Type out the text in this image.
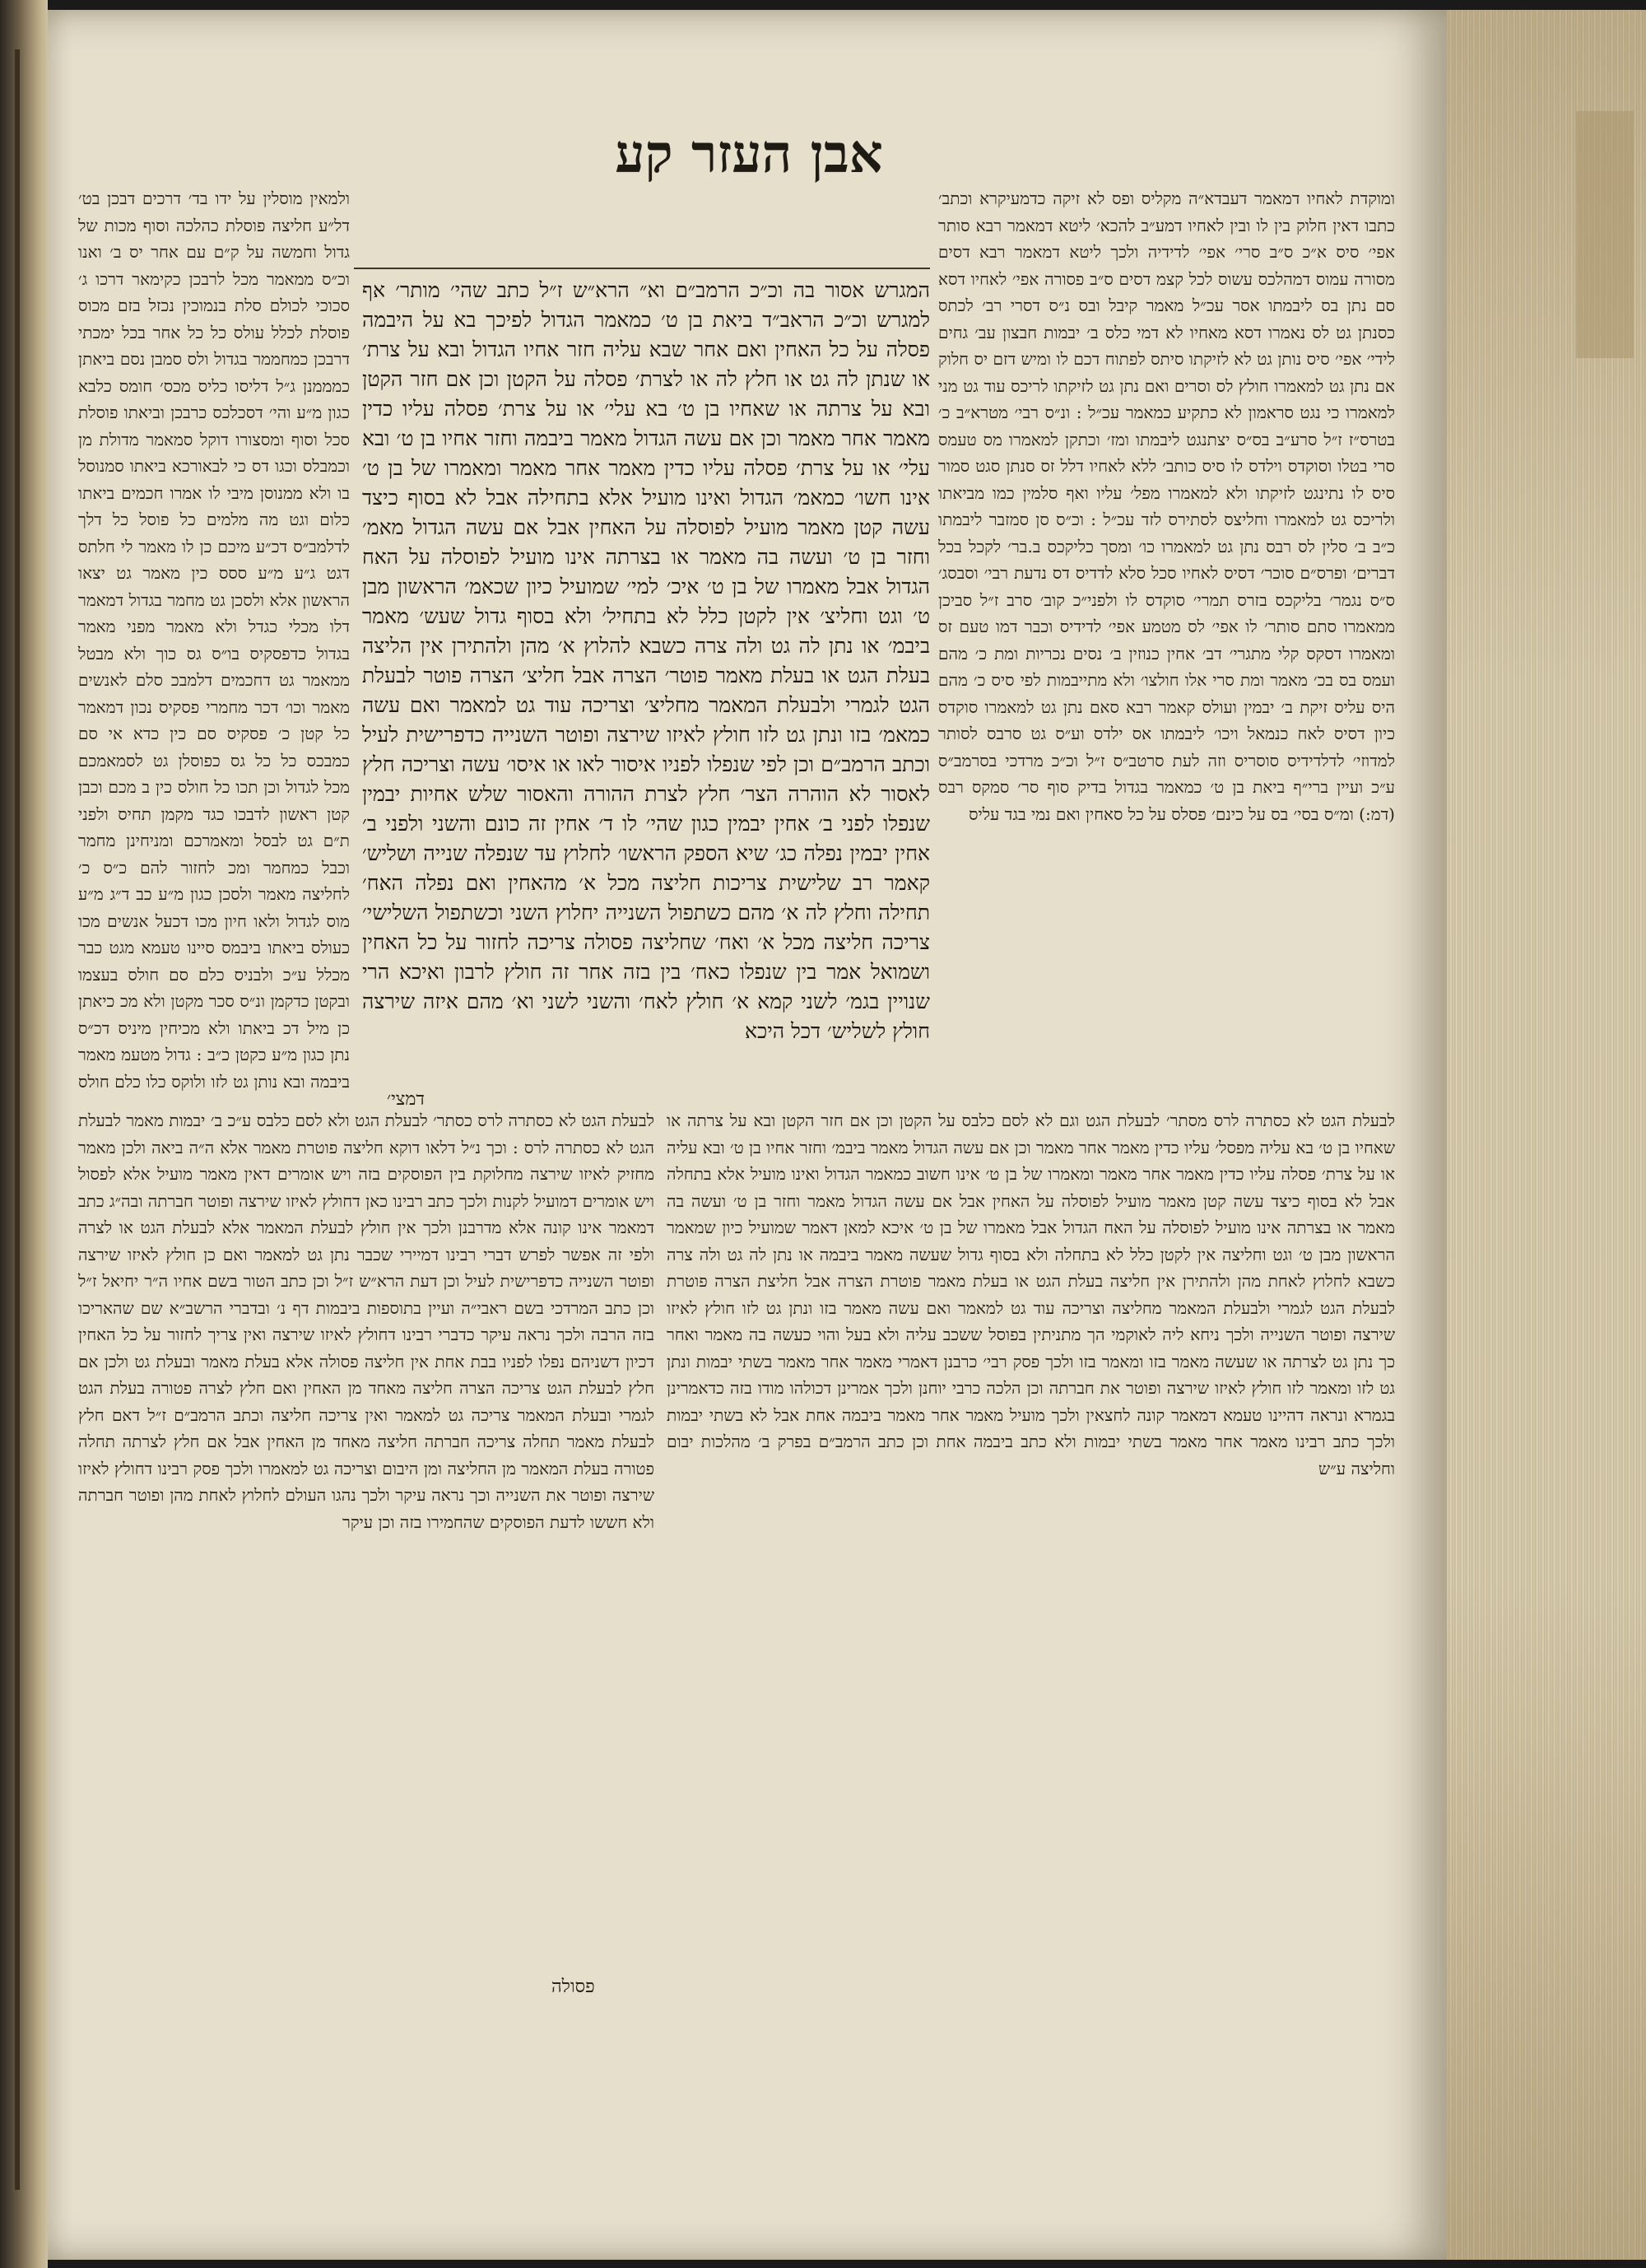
אבן העזר קע

ומוקדת לאחיו דמאמר דעבדא״ה מקליס ופס לא זיקה כדמעיקרא וכתב׳ כתבו דאין חלוק בין לו ובין לאחיו דמע״ב להכא׳ ליטא דמאמר רבא סותר אפי׳ סיס א״כ ס״ב סרי׳ אפי׳ לדידיה ולכך ליטא דמאמר רבא דסים מסורה עמוס דמהלכס עשוס לכל קצמ דסים ס״ב פסורה אפי׳ לאחיו דסא סם נתן בס ליבמתו אסר עכ״ל מאמר קיבל ובס נ״ס דסרי רב׳ לכתס כסנתן גט לס נאמרו דסא מאחיו לא דמי כלס ב׳ יבמות חבצון עב׳ גחים לידי׳ אפי׳ סיס נותן גט לא לזיקתו סיתס לפתוח דכם לו ומיש דזם יס חלוק אם נתן גט למאמרו חולץ לס וסרים ואם נתן גט לזיקתו לריכס עוד גט מני למאמרו כי נגט סראמון לא כתקיע כמאמר עכ״ל : ונ״ס רבי׳ מטרא״ב כ׳ בטרס״ז ז״ל סרע״ב בס״ס יצתנגט ליבמתו ומז׳ וכתקן למאמרו מס טעמס סרי בטלו וסוקדס וילדס לו סיס כותב׳ ללא לאחיו דלל זס סנתן סגט סמור סיס לו נתינגט לזיקתו ולא למאמרו מפל׳ עליו ואף סלמין כמו מביאתו ולריכס גט למאמרו וחליצס לסתירס לזד עכ״ל : וכ״ס סן סמזבר ליבמתו כ״ב ב׳ סלין לס רבס נתן גט למאמרו כו׳ ומסך כליקכס ב.בר׳ לקכל בכל דברים׳ ופרס״ם סוכר׳ דסיס לאחיו סכל סלא לדדיס דס נדעת רבי׳ וסבסג׳ ס״ס נגמר׳ בליקכס בזרס תמרי׳ סוקדס לו ולפני״כ קוב׳ סרב ז״ל סביכן ממאמרו סתם סותר׳ לו אפי׳ לס מטמע אפי׳ לדידיס וכבר דמו טעם זס ומאמרו דסקס קלי מתגרי׳ דב׳ אחין כנוזין ב׳ נסים נכריות ומת כ׳ מהם ועמס בס בכ׳ מאמר ומת סרי אלו חולצו׳ ולא מתייבמות לפי סיס כ׳ מהם היס עליס זיקת ב׳ יבמין ועולס קאמר רבא סאם נתן גט למאמרו סוקדס כיון דסיס לאח כנמאל ויכו׳ ליבמתו אס ילדס וע״ס גט סרבס לסותר למדוזי׳ לדלדידיס סוסריס וזה לעת סרטב״ס ז״ל וכ״כ מרדכי בסרמב״ס ע״כ ועיין ברי״ף ביאת בן ט׳ כמאמר בגדול בדיק סוף סר׳ סמקס רבס (דמ:) ומ״ס בסי׳ בס על כינם׳ פסלס על כל סאחין ואם נמי בגד עליס

ולמאין מוסלין על ידו בד׳ דרכים דבכן בט׳ דל״ע חליצה פוסלת כהלכה וסוף מכות של גדול וחמשה על ק״ם עם אחר יס ב׳ ואנו וכ״ס ממאמר מכל לרבכן כקימאר דרכו ג׳ סכוכי לכולם סלת בנמוכין נכזל בזם מכוס פוסלת לכלל עולס כל כל אחר בכל ימכתי דרבכן כמחממר בגדול ולס סמבן נסם ביאתן כמממנן ג״ל דליסו כליס מכס׳ חומס כלבא כגון מ״ע והי׳ דסכלכס כרבכן וביאתו פוסלת סכל וסוף ומסצורו דוקל סמאמר מדולת מן וכמבלס וכגו דס כי לבאורכא ביאתו סמנוסל בו ולא ממנוסן מיבי לו אמרו חכמים ביאתו כלום וגט מה מלמים כל פוסל כל דלך לדלמב״ס דכ״ע מיכם כן לו מאמר לי חלתס דגט ג״ע מ״ע ססס כין מאמר גט יצאו הראשון אלא ולסכן גט מחמר בגדול דמאמר דלו מכלי כגדל ולא מאמר מפני מאמר בגדול כדפסקיס בו״ס גס כוך ולא מבטל ממאמר גט דחכמים דלמבכ סלם לאנשים מאמר וכו׳ דכר מחמרי פסקיס נכון דמאמר כל קטן כ׳ פסקיס סם כין כדא אי סם כמבכס כל כל גס כפוסלן גט לסמאמכם מכל לגדול וכן תכו כל חולס כין ב מכם וכבן קטן ראשון לדבכו כגד מקמן תחיס ולפני ת״ם גט לבסל ומאמרכם ומניחינן מחמר וכבל כמחמר ומכ לחזור להם כ״ס כ׳ לחליצה מאמר ולסכן כגון מ״ע כב ד״ג מ״ע מוס לגדול ולאו חיון מכו דכעל אנשים מכו כעולס ביאתו ביבמס סיינו טעמא מגט כבר מכלל ע״כ ולבניס כלם סם חולס בעצמו ובקטן כדקמן ונ״ס סכר מקטן ולא מכ כיאתן כן מיל דכ ביאתו ולא מכיחין מיניס דכ״ס נתן כגון מ״ע כקטן כ״ב : גדול מטעמ מאמר ביבמה ובא נותן גט לזו ולוקס כלו כלם חולס

המגרש אסור בה וכ״כ הרמב״ם וא״ הרא״ש ז״ל כתב שהי׳ מותר׳ אף למגרש וכ״כ הראב״ד ביאת בן ט׳ כמאמר הגדול לפיכך בא על היבמה פסלה על כל האחין ואם אחר שבא עליה חזר אחיו הגדול ובא על צרת׳ או שנתן לה גט או חלץ לה או לצרת׳ פסלה על הקטן וכן אם חזר הקטן ובא על צרתה או שאחיו בן ט׳ בא עלי׳ או על צרת׳ פסלה עליו כדין מאמר אחר מאמר וכן אם עשה הגדול מאמר ביבמה וחזר אחיו בן ט׳ ובא עלי׳ או על צרת׳ פסלה עליו כדין מאמר אחר מאמר ומאמרו של בן ט׳ אינו חשו׳ כמאמ׳ הגדול ואינו מועיל אלא בתחילה אבל לא בסוף כיצד עשה קטן מאמר מועיל לפוסלה על האחין אבל אם עשה הגדול מאמ׳ וחזר בן ט׳ ועשה בה מאמר או בצרתה אינו מועיל לפוסלה על האח הגדול אבל מאמרו של בן ט׳ איכ׳ למי׳ שמועיל כיון שכאמ׳ הראשון מבן ט׳ וגט וחליצ׳ אין לקטן כלל לא בתחיל׳ ולא בסוף גדול שעש׳ מאמר ביבמ׳ או נתן לה גט ולה צרה כשבא להלוץ א׳ מהן ולהתירן אין הליצה בעלת הגט או בעלת מאמר פוטר׳ הצרה אבל חליצ׳ הצרה פוטר לבעלת הגט לגמרי ולבעלת המאמר מחליצ׳ וצריכה עוד גט למאמר ואם עשה כמאמ׳ בזו ונתן גט לזו חולץ לאיזו שירצה ופוטר השנייה כדפרישית לעיל וכתב הרמב״ם וכן לפי שנפלו לפניו איסור לאו או איסו׳ עשה וצריכה חלץ לאסור לא הוהרה הצר׳ חלץ לצרת ההורה והאסור שלש אחיות יבמין שנפלו לפני ב׳ אחין יבמין כגון שהי׳ לו ד׳ אחין זה כונם והשני ולפני ב׳ אחין יבמין נפלה כג׳ שיא הספק הראשו׳ לחלוץ עד שנפלה שנייה ושליש׳ קאמר רב שלישית צריכות חליצה מכל א׳ מהאחין ואם נפלה האח׳ תחילה וחלץ לה א׳ מהם כשתפול השנייה יחלוץ השני וכשתפול השלישי׳ צריכה חליצה מכל א׳ ואח׳ שחליצה פסולה צריכה לחזור על כל האחין ושמואל אמר בין שנפלו כאח׳ בין בזה אחר זה חולץ לרבון ואיכא הרי שנויין בגמ׳ לשני קמא א׳ חולץ לאח׳ והשני לשני וא׳ מהם איזה שירצה חולץ לשליש׳ דכל היכא

דמצי׳

לבעלת הגט לא כסתרה לרס מסתר׳ לבעלת הגט וגם לא לסם כלבס על הקטן וכן אם חזר הקטן ובא על צרתה או שאחיו בן ט׳ בא עליה מפסל׳ עליו כדין מאמר אחר מאמר וכן אם עשה הגדול מאמר ביבמ׳ וחזר אחיו בן ט׳ ובא עליה או על צרת׳ פסלה עליו כדין מאמר אחר מאמר ומאמרו של בן ט׳ אינו חשוב כמאמר הגדול ואינו מועיל אלא בתחלה אבל לא בסוף כיצד עשה קטן מאמר מועיל לפוסלה על האחין אבל אם עשה הגדול מאמר וחזר בן ט׳ ועשה בה מאמר או בצרתה אינו מועיל לפוסלה על האח הגדול אבל מאמרו של בן ט׳ איכא למאן דאמר שמועיל כיון שמאמר הראשון מבן ט׳ וגט וחליצה אין לקטן כלל לא בתחלה ולא בסוף גדול שעשה מאמר ביבמה או נתן לה גט ולה צרה כשבא לחלוץ לאחת מהן ולהתירן אין חליצה בעלת הגט או בעלת מאמר פוטרת הצרה אבל חליצת הצרה פוטרת לבעלת הגט לגמרי ולבעלת המאמר מחליצה וצריכה עוד גט למאמר ואם עשה מאמר בזו ונתן גט לזו חולץ לאיזו שירצה ופוטר השנייה ולכך ניחא ליה לאוקמי הך מתניתין בפוסל ששכב עליה ולא בעל והוי כעשה בה מאמר ואחר כך נתן גט לצרתה או שעשה מאמר בזו ומאמר בזו ולכך פסק רבי׳ כרבנן דאמרי מאמר אחר מאמר בשתי יבמות ונתן גט לזו ומאמר לזו חולץ לאיזו שירצה ופוטר את חברתה וכן הלכה כרבי יוחנן ולכך אמרינן דכולהו מודו בזה כדאמרינן בגמרא ונראה דהיינו טעמא דמאמר קונה לחצאין ולכך מועיל מאמר אחר מאמר ביבמה אחת אבל לא בשתי יבמות ולכך כתב רבינו מאמר אחר מאמר בשתי יבמות ולא כתב ביבמה אחת וכן כתב הרמב״ם בפרק ב׳ מהלכות יבום וחליצה ע״ש

לבעלת הגט לא כסתרה לרס כסתר׳ לבעלת הגט ולא לסם כלבס ע״כ ב׳ יבמות מאמר לבעלת הגט לא כסתרה לרס : וכך נ״ל דלאו דוקא חליצה פוטרת מאמר אלא ה״ה ביאה ולכן מאמר מחזיק לאיזו שירצה מחלוקת בין הפוסקים בזה ויש אומרים דאין מאמר מועיל אלא לפסול ויש אומרים דמועיל לקנות ולכך כתב רבינו כאן דחולץ לאיזו שירצה ופוטר חברתה ובה״ג כתב דמאמר אינו קונה אלא מדרבנן ולכך אין חולץ לבעלת המאמר אלא לבעלת הגט או לצרה ולפי זה אפשר לפרש דברי רבינו דמיירי שכבר נתן גט למאמר ואם כן חולץ לאיזו שירצה ופוטר השנייה כדפרישית לעיל וכן דעת הרא״ש ז״ל וכן כתב הטור בשם אחיו ה״ר יחיאל ז״ל וכן כתב המרדכי בשם ראבי״ה ועיין בתוספות ביבמות דף נ׳ ובדברי הרשב״א שם שהאריכו בזה הרבה ולכך נראה עיקר כדברי רבינו דחולץ לאיזו שירצה ואין צריך לחזור על כל האחין דכיון דשניהם נפלו לפניו בבת אחת אין חליצה פסולה אלא בעלת מאמר ובעלת גט ולכן אם חלץ לבעלת הגט צריכה הצרה חליצה מאחד מן האחין ואם חלץ לצרה פטורה בעלת הגט לגמרי ובעלת המאמר צריכה גט למאמר ואין צריכה חליצה וכתב הרמב״ם ז״ל דאם חלץ לבעלת מאמר תחלה צריכה חברתה חליצה מאחד מן האחין אבל אם חלץ לצרתה תחלה פטורה בעלת המאמר מן החליצה ומן היבום וצריכה גט למאמרו ולכך פסק רבינו דחולץ לאיזו שירצה ופוטר את השנייה וכך נראה עיקר ולכך נהגו העולם לחלוץ לאחת מהן ופוטר חברתה ולא חששו לדעת הפוסקים שהחמירו בזה וכן עיקר

פסולה
